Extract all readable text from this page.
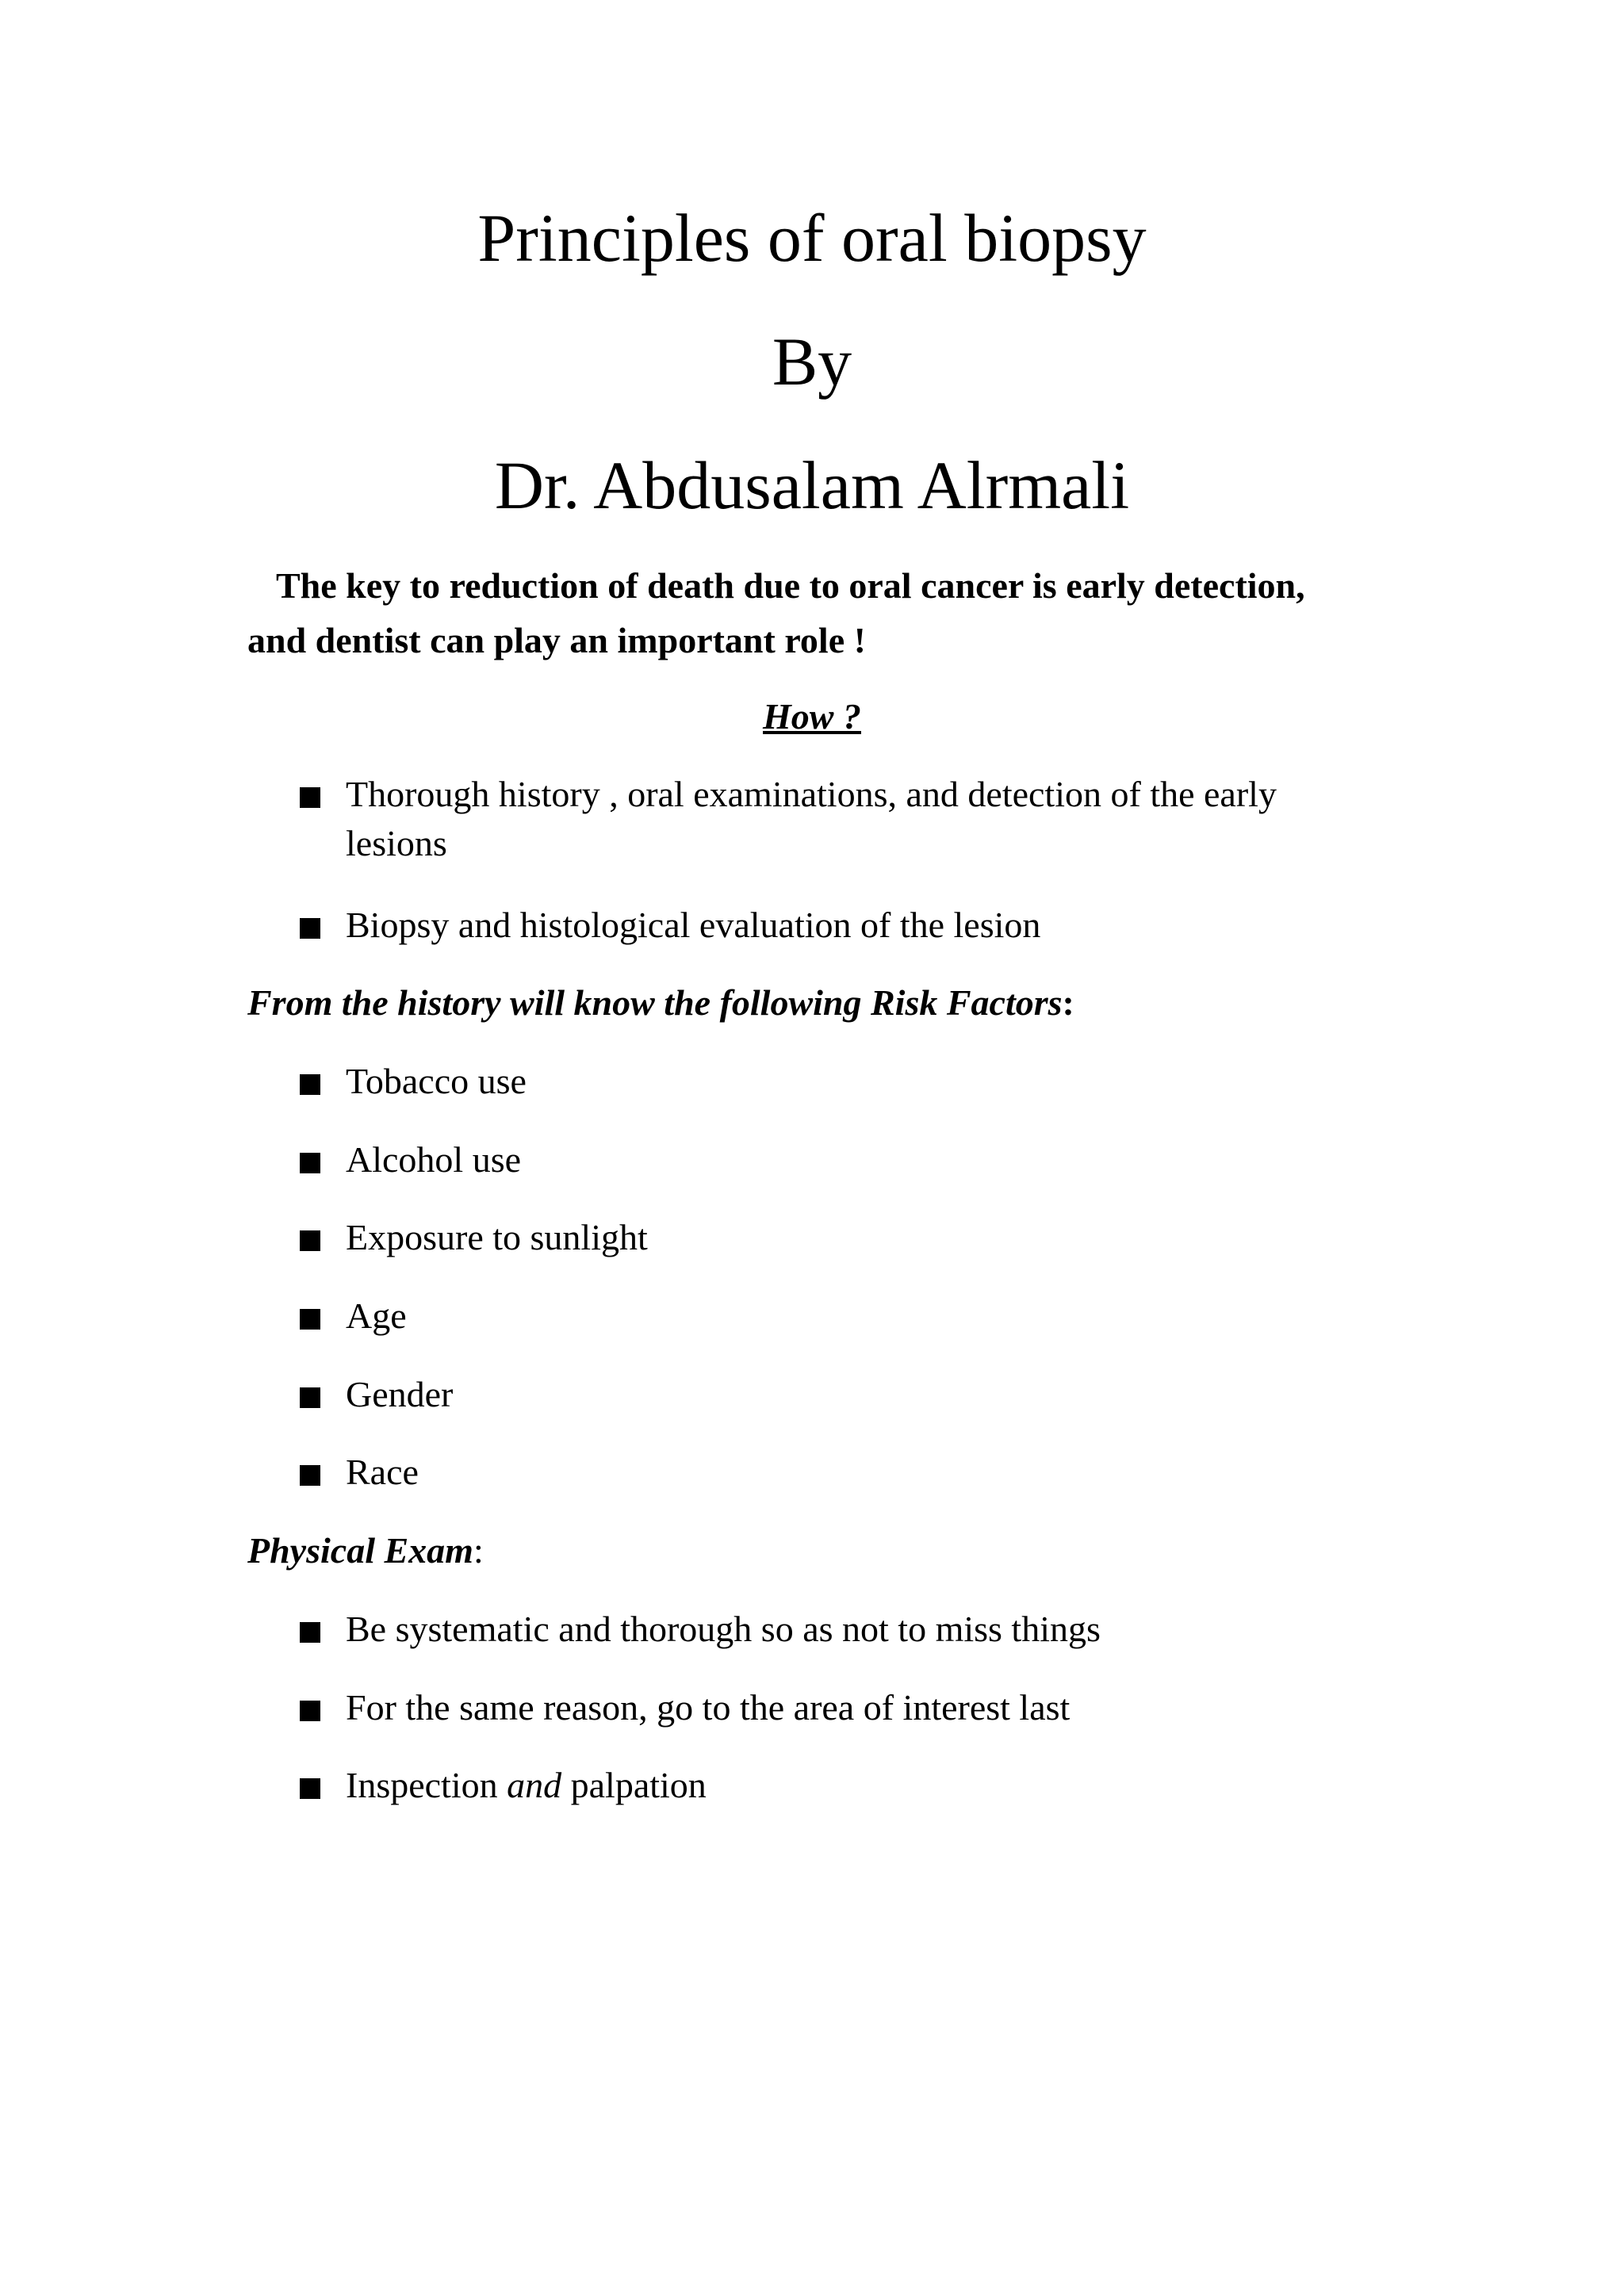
Principles of oral biopsy
By
Dr. Abdusalam Alrmali
The key to reduction of death due to oral cancer is early detection,
and dentist can play an important role !
How ?
Thorough history , oral examinations, and detection of the early
lesions
Biopsy and histological evaluation of the lesion
From the history will know the following Risk Factors:
Tobacco use
Alcohol use
Exposure to sunlight
Age
Gender
Race
Physical Exam:
Be systematic and thorough so as not to miss things
For the same reason, go to the area of interest last
Inspection and palpation
